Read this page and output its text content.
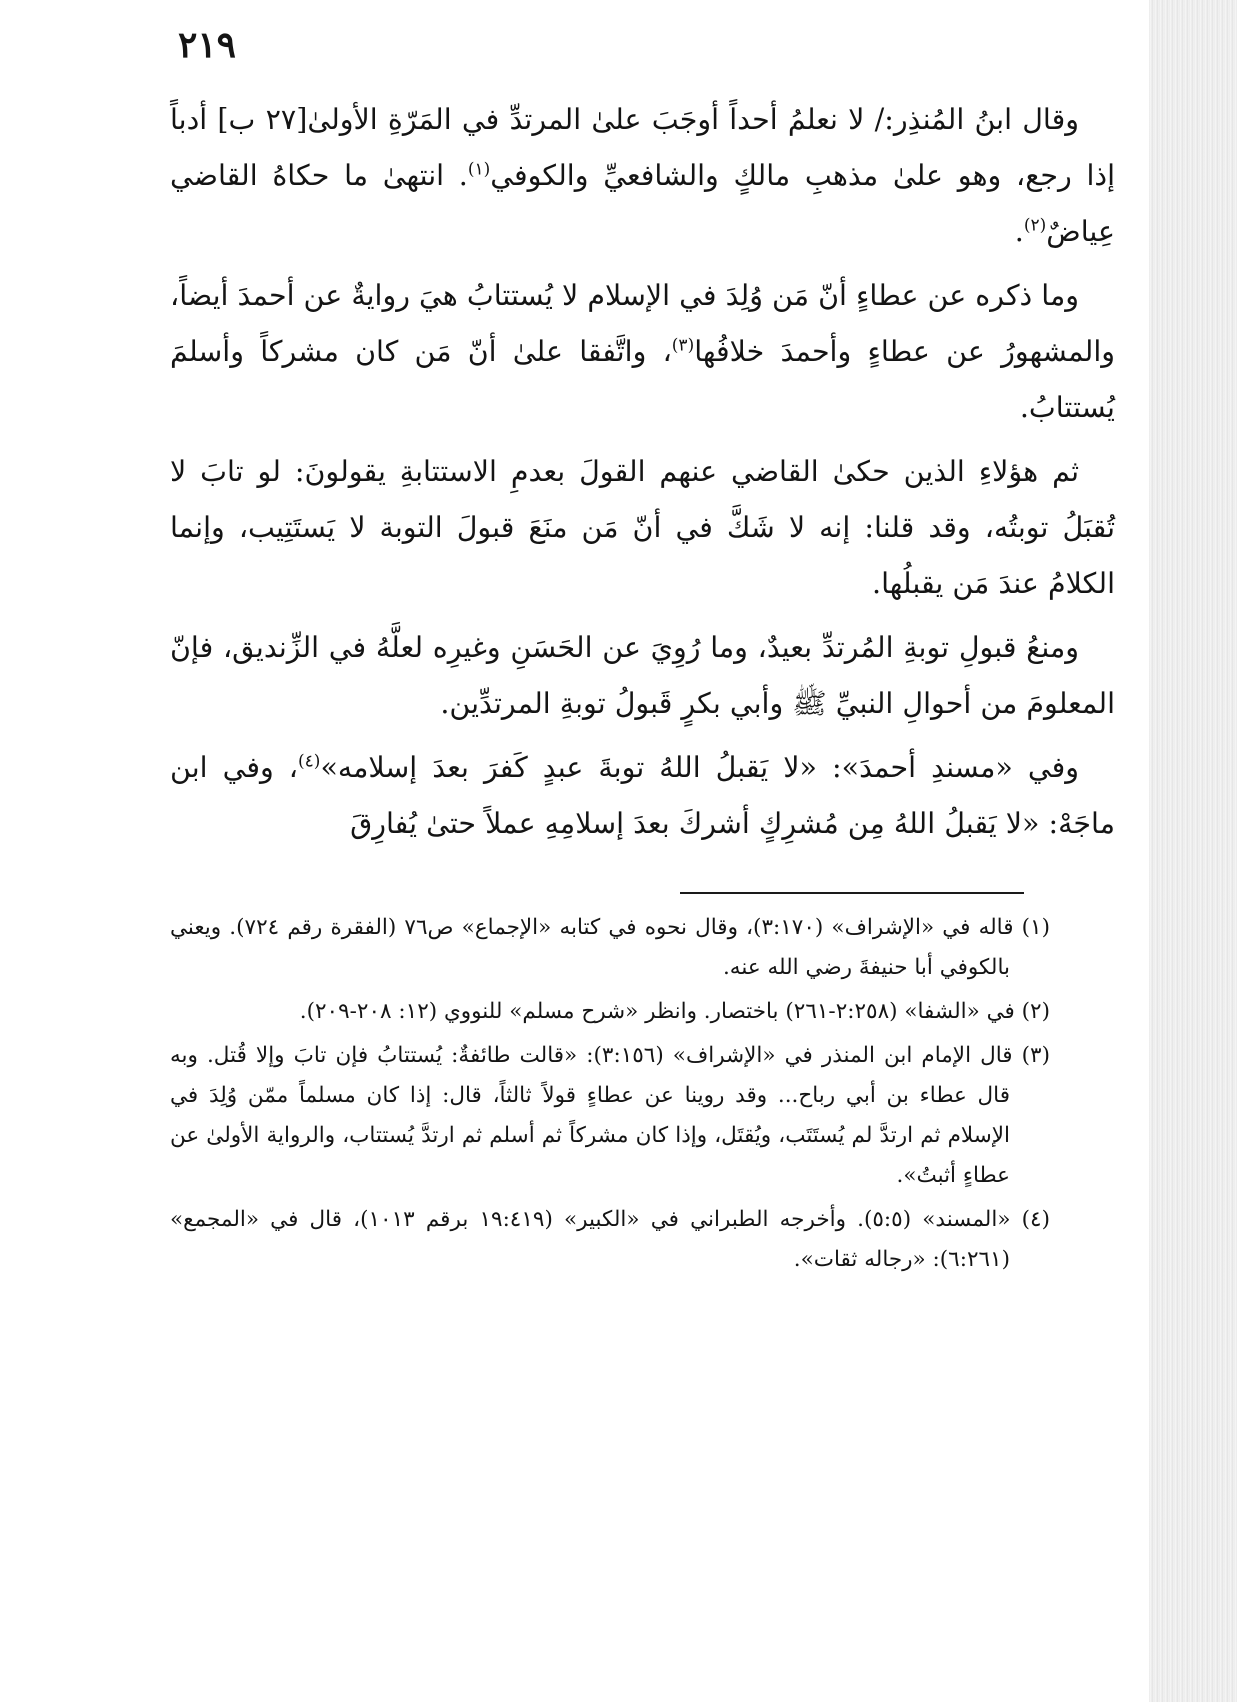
٢١٩

وقال ابنُ المُنذِر:/ لا نعلمُ أحداً أوجَبَ علىٰ المرتدِّ في المَرّةِ الأولىٰ[٢٧ ب] أدباً إذا رجع، وهو علىٰ مذهبِ مالكٍ والشافعيِّ والكوفي$^{(١)}$. انتهىٰ ما حكاهُ القاضي عِياضٌ$^{(٢)}$.

وما ذكره عن عطاءٍ أنّ مَن وُلِدَ في الإسلام لا يُستتابُ هيَ روايةٌ عن أحمدَ أيضاً، والمشهورُ عن عطاءٍ وأحمدَ خلافُها$^{(٣)}$، واتَّفقا علىٰ أنّ مَن كان مشركاً وأسلمَ يُستتابُ.

ثم هؤلاءِ الذين حكىٰ القاضي عنهم القولَ بعدمِ الاستتابةِ يقولونَ: لو تابَ لا تُقبَلُ توبتُه، وقد قلنا: إنه لا شَكَّ في أنّ مَن منَعَ قبولَ التوبة لا يَستَتِيب، وإنما الكلامُ عندَ مَن يقبلُها.

ومنعُ قبولِ توبةِ المُرتدِّ بعيدٌ، وما رُوِيَ عن الحَسَنِ وغيرِه لعلَّهُ في الزِّنديق، فإنّ المعلومَ من أحوالِ النبيِّ ﷺ وأبي بكرٍ قَبولُ توبةِ المرتدِّين.

وفي «مسندِ أحمدَ»: «لا يَقبلُ اللهُ توبةَ عبدٍ كَفرَ بعدَ إسلامه»$^{(٤)}$، وفي ابن ماجَهْ: «لا يَقبلُ اللهُ مِن مُشرِكٍ أشركَ بعدَ إسلامِهِ عملاً حتىٰ يُفارِقَ

(١) قاله في «الإشراف» (٣:١٧٠)، وقال نحوه في كتابه «الإجماع» ص٧٦ (الفقرة رقم ٧٢٤). ويعني بالكوفي أبا حنيفةَ رضي الله عنه.

(٢) في «الشفا» (٢:٢٥٨-٢٦١) باختصار. وانظر «شرح مسلم» للنووي (١٢: ٢٠٨-٢٠٩).

(٣) قال الإمام ابن المنذر في «الإشراف» (٣:١٥٦): «قالت طائفةٌ: يُستتابُ فإن تابَ وإلا قُتل. وبه قال عطاء بن أبي رباح... وقد روينا عن عطاءٍ قولاً ثالثاً، قال: إذا كان مسلماً ممّن وُلِدَ في الإسلام ثم ارتدَّ لم يُستَتَب، ويُقتَل، وإذا كان مشركاً ثم أسلم ثم ارتدَّ يُستتاب، والرواية الأولىٰ عن عطاءٍ أثبتُ».

(٤) «المسند» (٥:٥). وأخرجه الطبراني في «الكبير» (١٩:٤١٩ برقم ١٠١٣)، قال في «المجمع» (٦:٢٦١): «رجاله ثقات».
